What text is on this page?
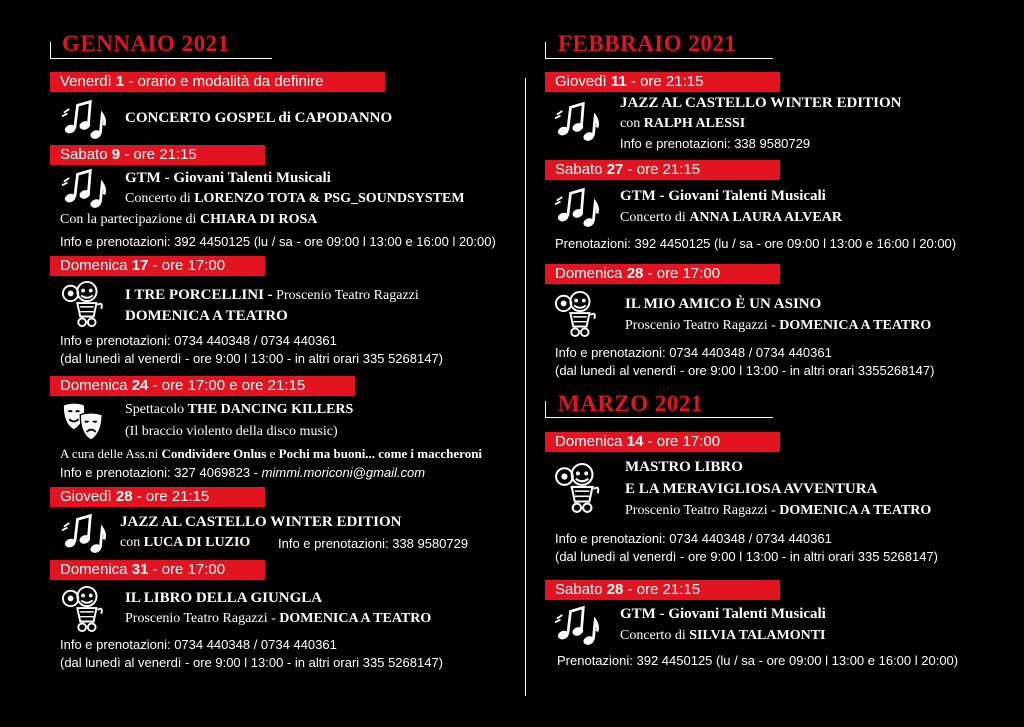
GENNAIO 2021
Venerdì 1 - orario e modalità da definire
CONCERTO GOSPEL di CAPODANNO
Sabato 9 - ore 21:15
GTM - Giovani Talenti Musicali
Concerto di LORENZO TOTA & PSG_SOUNDSYSTEM
Con la partecipazione di CHIARA DI ROSA
Info e prenotazioni: 392 4450125 (lu / sa - ore 09:00 l 13:00 e 16:00 l 20:00)
Domenica 17 - ore 17:00
I TRE PORCELLINI - Proscenio Teatro Ragazzi
DOMENICA A TEATRO
Info e prenotazioni: 0734 440348 / 0734 440361
(dal lunedì al venerdì - ore 9:00 l 13:00 - in altri orari 335 5268147)
Domenica 24 - ore 17:00 e ore 21:15
Spettacolo THE DANCING KILLERS
(Il braccio violento della disco music)
A cura delle Ass.ni Condividere Onlus e Pochi ma buoni... come i maccheroni
Info e prenotazioni: 327 4069823 - mimmi.moriconi@gmail.com
Giovedì 28 - ore 21:15
JAZZ AL CASTELLO WINTER EDITION
con LUCA DI LUZIO Info e prenotazioni: 338 9580729
Domenica 31 - ore 17:00
IL LIBRO DELLA GIUNGLA
Proscenio Teatro Ragazzi - DOMENICA A TEATRO
Info e prenotazioni: 0734 440348 / 0734 440361
(dal lunedì al venerdì - ore 9:00 l 13:00 - in altri orari 335 5268147)
FEBBRAIO 2021
Giovedì 11 - ore 21:15
JAZZ AL CASTELLO WINTER EDITION
con RALPH ALESSI
Info e prenotazioni: 338 9580729
Sabato 27 - ore 21:15
GTM - Giovani Talenti Musicali
Concerto di ANNA LAURA ALVEAR
Prenotazioni: 392 4450125 (lu / sa - ore 09:00 l 13:00 e 16:00 l 20:00)
Domenica 28 - ore 17:00
IL MIO AMICO È UN ASINO
Proscenio Teatro Ragazzi - DOMENICA A TEATRO
Info e prenotazioni: 0734 440348 / 0734 440361
(dal lunedì al venerdì - ore 9:00 l 13:00 - in altri orari 3355268147)
MARZO 2021
Domenica 14 - ore 17:00
MASTRO LIBRO
E LA MERAVIGLIOSA AVVENTURA
Proscenio Teatro Ragazzi - DOMENICA A TEATRO
Info e prenotazioni: 0734 440348 / 0734 440361
(dal lunedì al venerdì - ore 9:00 l 13:00 - in altri orari 335 5268147)
Sabato 28 - ore 21:15
GTM - Giovani Talenti Musicali
Concerto di SILVIA TALAMONTI
Prenotazioni: 392 4450125 (lu / sa - ore 09:00 l 13:00 e 16:00 l 20:00)
